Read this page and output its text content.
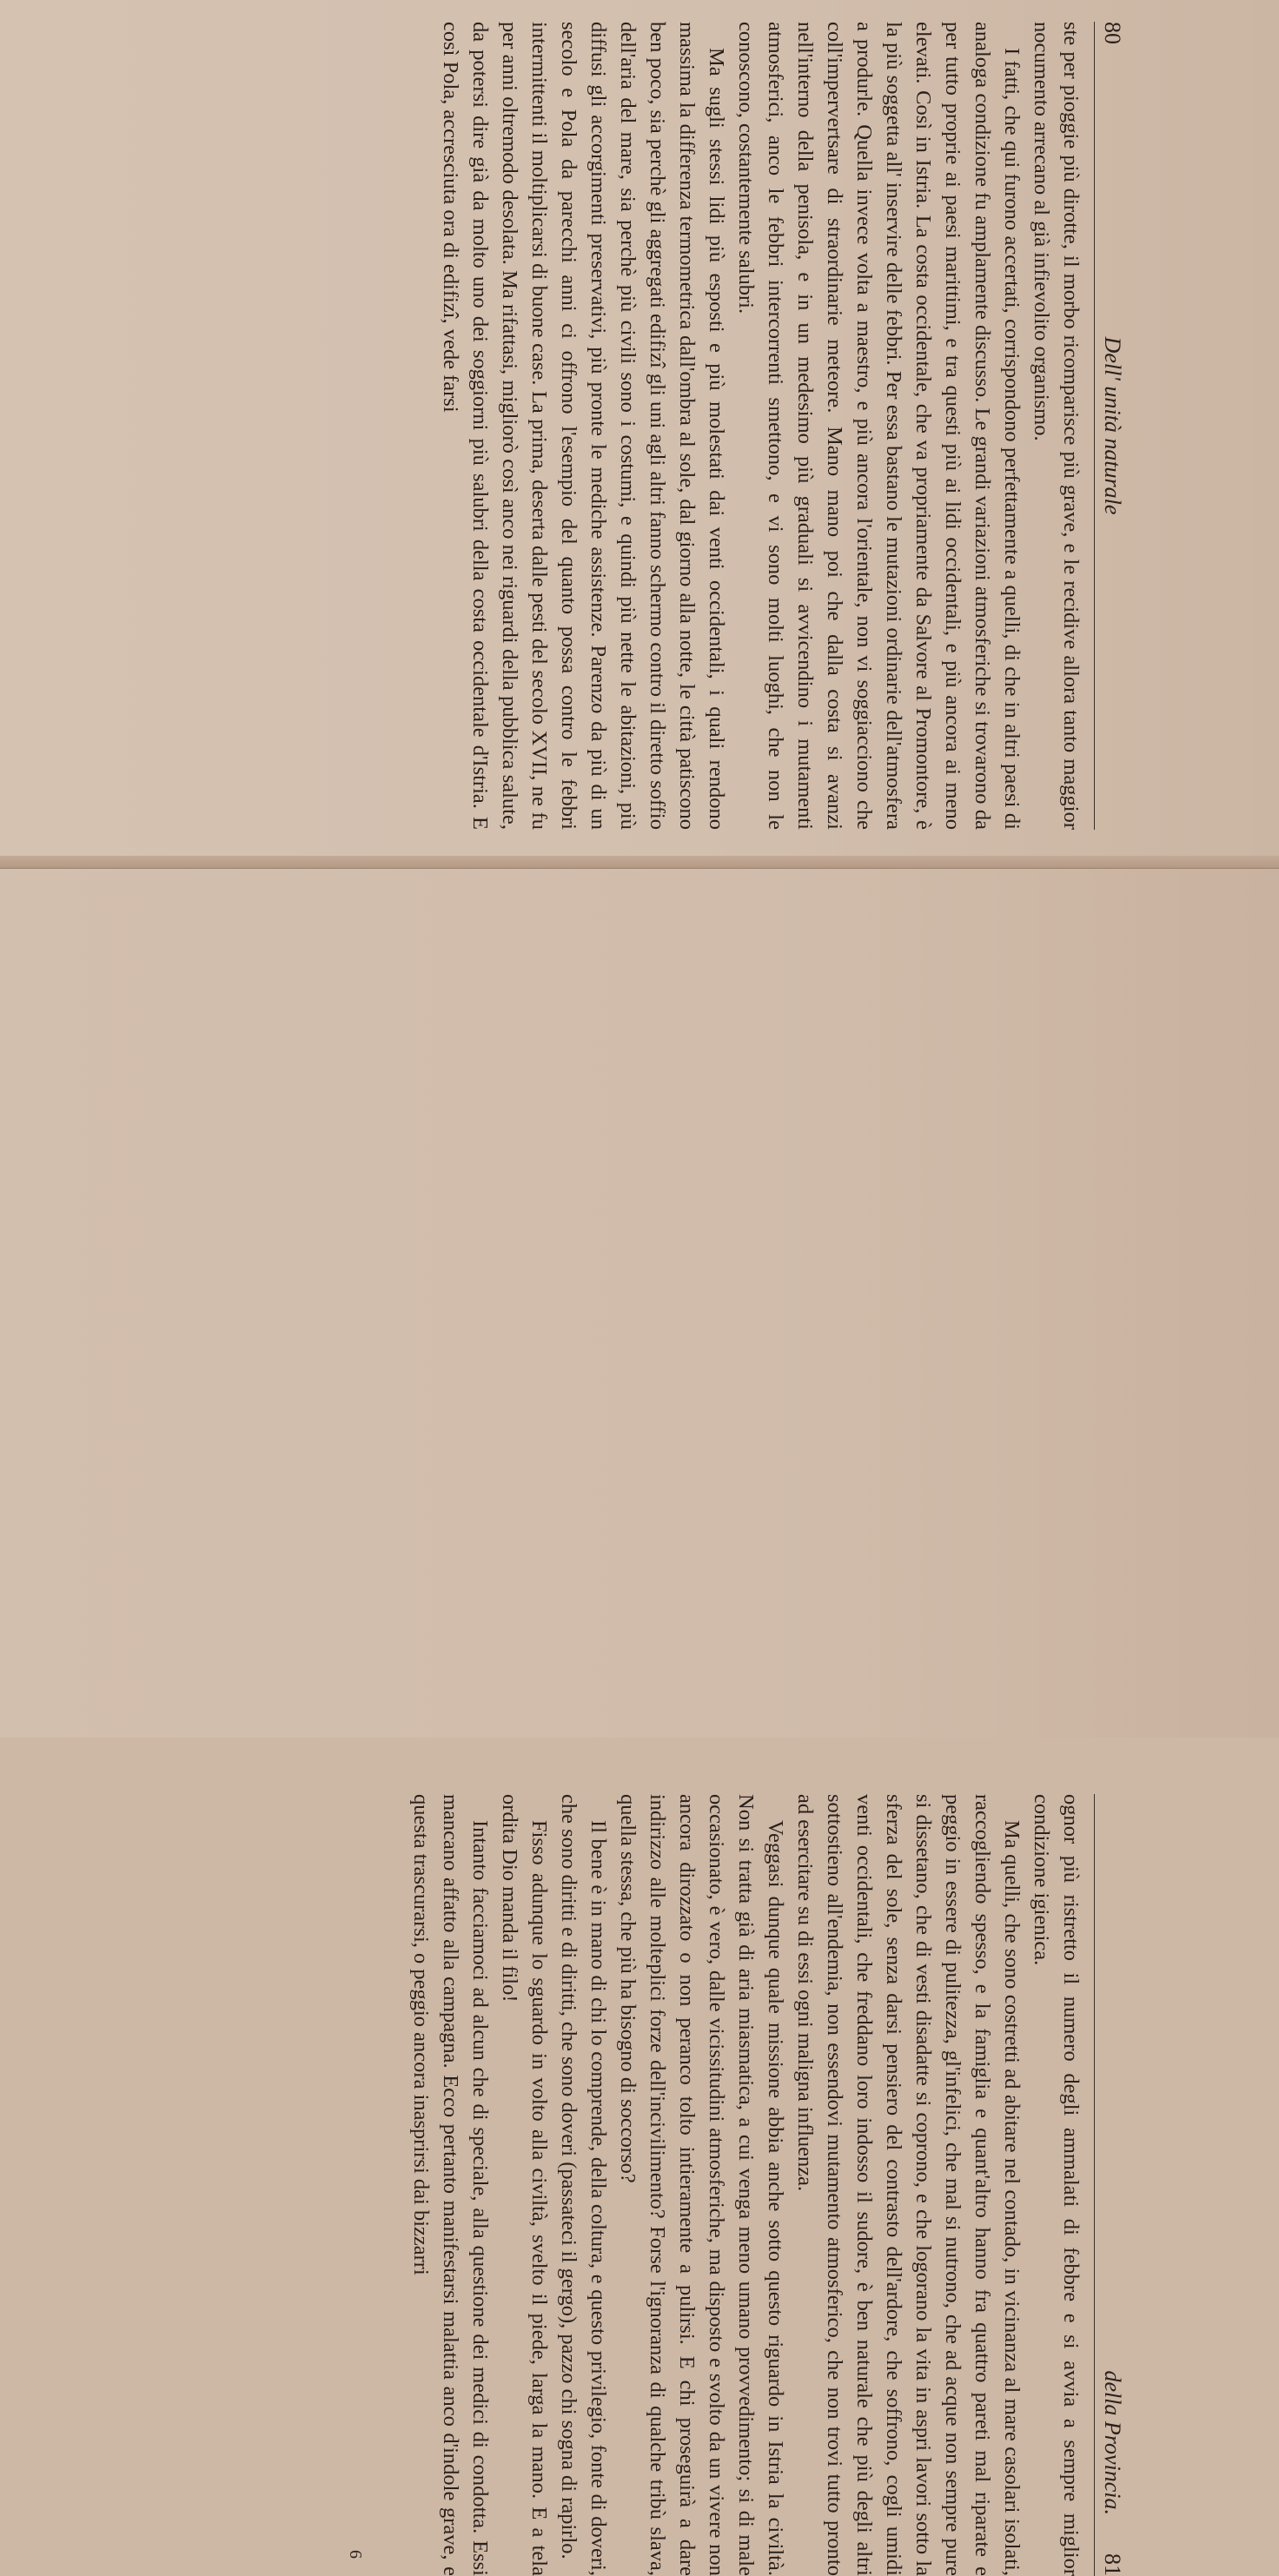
80
Dell' unità naturale

ste per pioggie più dirotte, il morbo ricomparisce più grave, e le recidive allora tanto maggior nocumento arrecano al già infievolito organismo.

I fatti, che qui furono accertati, corrispondono perfettamente a quelli, di che in altri paesi di analoga condizione fu amplamente discusso. Le grandi variazioni atmosferiche si trovarono da per tutto proprie ai paesi marittimi, e tra questi più ai lidi occidentali, e più ancora ai meno elevati. Così in Istria. La costa occidentale, che va propriamente da Salvore al Promontore, è la più soggetta all' inservire delle febbri. Per essa bastano le mutazioni ordinarie dell'atmosfera a produrle. Quella invece volta a maestro, e più ancora l'orientale, non vi soggiacciono che coll'impervertsare di straordinarie meteore. Mano mano poi che dalla costa si avanzi nell'interno della penisola, e in un medesimo più graduali si avvicendino i mutamenti atmosferici, anco le febbri intercorrenti smettono, e vi sono molti luoghi, che non le conoscono, costantemente salubri.

Ma sugli stessi lidi più esposti e più molestati dai venti occidentali, i quali rendono massima la differenza termometrica dall'ombra al sole, dal giorno alla notte, le città patiscono ben poco, sia perchè gli aggregati edifizî gli uni agli altri fanno schermo contro il diretto soffio dell'aria del mare, sia perchè più civili sono i costumi, e quindi più nette le abitazioni, più diffusi gli accorgimenti preservativi, più pronte le mediche assistenze. Parenzo da più di un secolo e Pola da parecchi anni ci offrono l'esempio del quanto possa contro le febbri intermittenti il moltiplicarsi di buone case. La prima, deserta dalle pesti del secolo XVII, ne fu per anni oltremodo desolata. Ma rifattasi, migliorò così anco nei riguardi della pubblica salute, da potersi dire già da molto uno dei soggiorni più salubri della costa occidentale d'Istria. E così Pola, accresciuta ora di edifizî, vede farsi

della Provincia.
81

ognor più ristretto il numero degli ammalati di febbre e si avvia a sempre miglior condizione igienica.

Ma quelli, che sono costretti ad abitare nel contado, in vicinanza al mare casolari isolati, raccogliendo spesso, e la famiglia e quant'altro hanno fra quattro pareti mal riparate e peggio in essere di pulitezza, gl'infelici, che mal si nutrono, che ad acque non sempre pure si dissetano, che di vesti disadatte si coprono, e che logorano la vita in aspri lavori sotto la sferza del sole, senza darsi pensiero del contrasto dell'ardore, che soffrono, cogli umidi venti occidentali, che freddano loro indosso il sudore, è ben naturale che più degli altri sottostieno all'endemia, non essendovi mutamento atmosferico, che non trovi tutto pronto ad esercitare su di essi ogni maligna influenza.

Veggasi dunque quale missione abbia anche sotto questo riguardo in Istria la civiltà. Non si tratta già di aria miasmatica, a cui venga meno umano provvedimento; si di male occasionato, è vero, dalle vicissitudini atmosferiche, ma disposto e svolto da un vivere non ancora dirozzato o non peranco tolto intieramente a pulirsi. E chi proseguirà a dare indirizzo alle molteplici forze dell'incivilimento? Forse l'ignoranza di qualche tribù slava, quella stessa, che più ha bisogno di soccorso?

Il bene è in mano di chi lo comprende, della coltura, e questo privilegio, fonte di doveri, che sono diritti e di diritti, che sono doveri (passateci il gergo), pazzo chi sogna di rapirlo.

Fisso adunque lo sguardo in volto alla civiltà, svelto il piede, larga la mano. E a tela ordita Dio manda il filo!

Intanto facciamoci ad alcun che di speciale, alla questione dei medici di condotta. Essi mancano affatto alla campagna. Ecco pertanto manifestarsi malattia anco d'indole grave, e questa trascurarsi, o peggio ancora inasprirsi dai bizzarri

6
